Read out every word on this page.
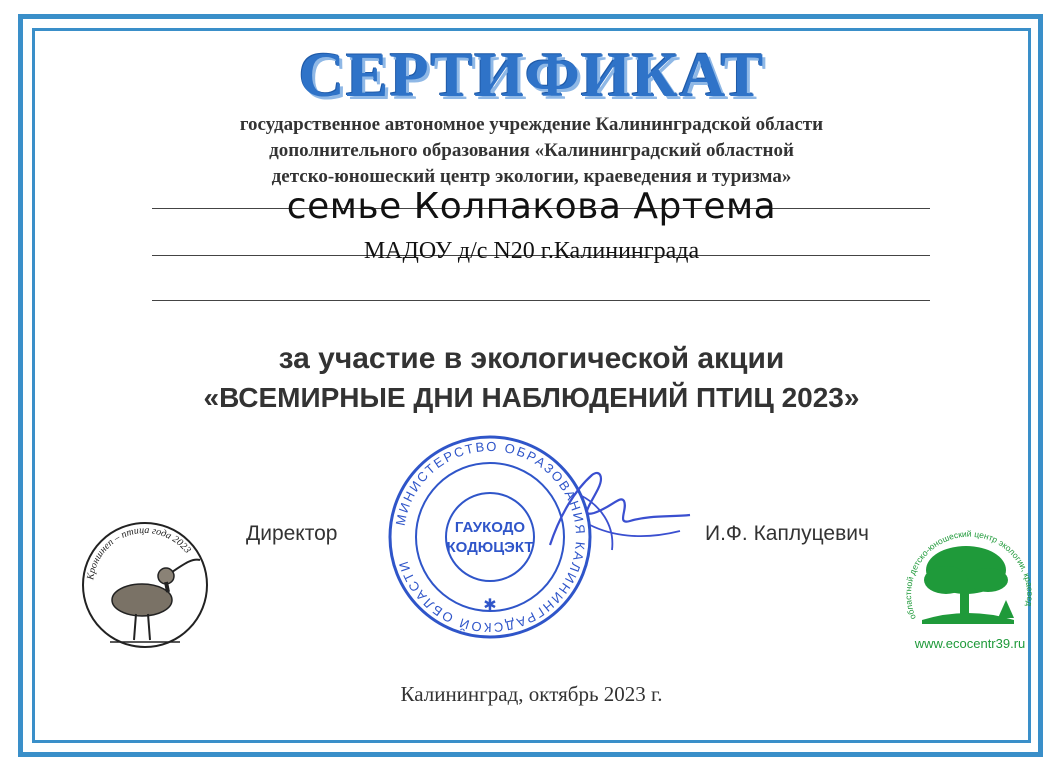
СЕРТИФИКАТ
государственное автономное учреждение Калининградской области
дополнительного образования «Калининградский областной
детско-юношеский центр экологии, краеведения и туризма»
семье Колпакова Артема
МАДОУ д/с N20 г.Калининграда
за участие в экологической акции
«ВСЕМИРНЫЕ ДНИ НАБЛЮДЕНИЙ ПТИЦ 2023»
Директор	И.Ф. Каплуцевич
МИНИСТЕРСТВО ОБРАЗОВАНИЯ КАЛИНИНГРАДСКОЙ ОБЛАСТИ
ГАУКОДО
КОДЮЦЭКТ
✱
Кроншнеп – птица года 2023
областной детско-юношеский центр экологии, краеведения и туризма
www.ecocentr39.ru
Калининград, октябрь 2023 г.
